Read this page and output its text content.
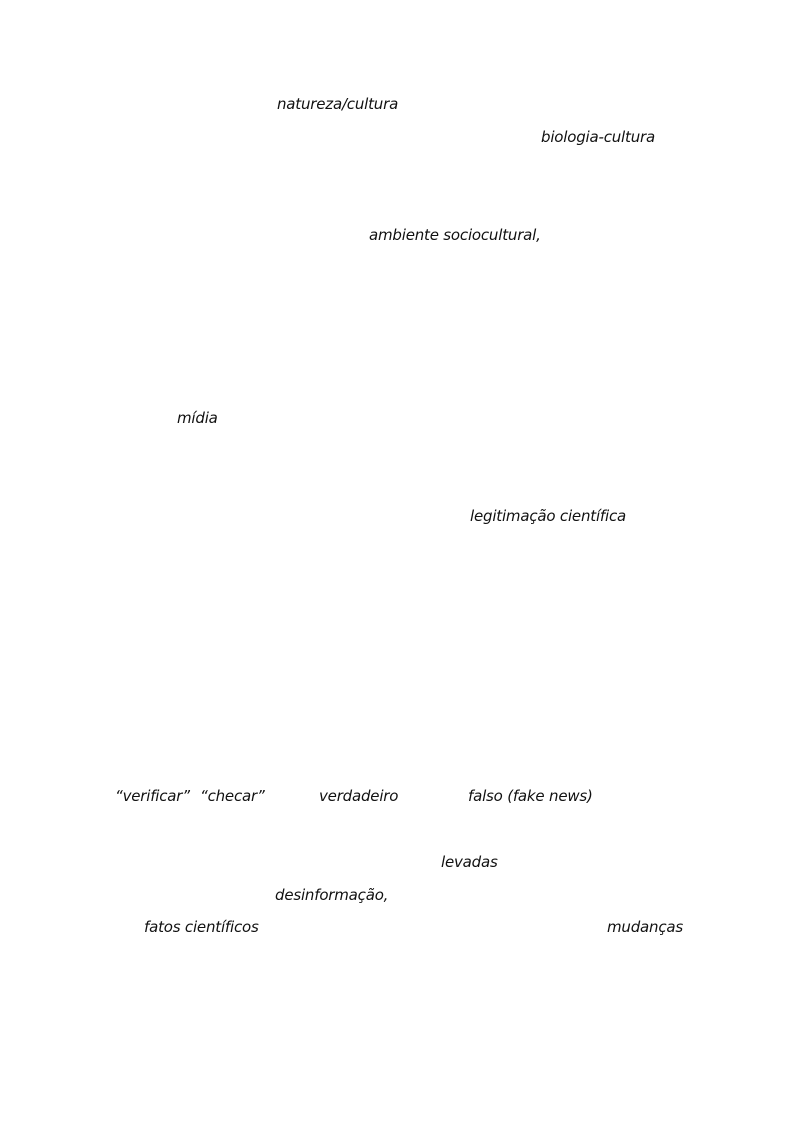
natureza/cultura
biologia-cultura
ambiente sociocultural,
mídia
legitimação científica
“verificar” “checar”	verdadeiro	falso (fake news)
levadas
desinformação,
fatos científicos	mudanças
